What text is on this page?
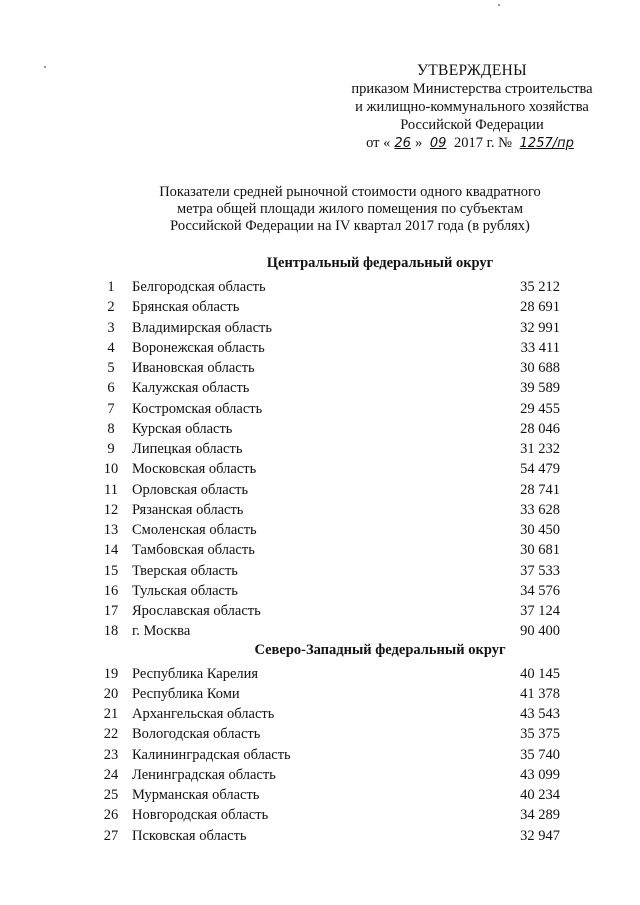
УТВЕРЖДЕНЫ
приказом Министерства строительства
и жилищно-коммунального хозяйства
Российской Федерации
от « 26 » 09 2017 г. № 1257/пр
Показатели средней рыночной стоимости одного квадратного
метра общей площади жилого помещения по субъектам
Российской Федерации на IV квартал 2017 года (в рублях)
Центральный федеральный округ
1	Белгородская область	35 212
2	Брянская область	28 691
3	Владимирская область	32 991
4	Воронежская область	33 411
5	Ивановская область	30 688
6	Калужская область	39 589
7	Костромская область	29 455
8	Курская область	28 046
9	Липецкая область	31 232
10 Московская область	54 479
11 Орловская область	28 741
12 Рязанская область	33 628
13 Смоленская область	30 450
14 Тамбовская область	30 681
15 Тверская область	37 533
16 Тульская область	34 576
17 Ярославская область	37 124
18 г. Москва	90 400
Северо-Западный федеральный округ
19 Республика Карелия	40 145
20 Республика Коми	41 378
21 Архангельская область	43 543
22 Вологодская область	35 375
23 Калининградская область	35 740
24 Ленинградская область	43 099
25 Мурманская область	40 234
26 Новгородская область	34 289
27 Псковская область	32 947
